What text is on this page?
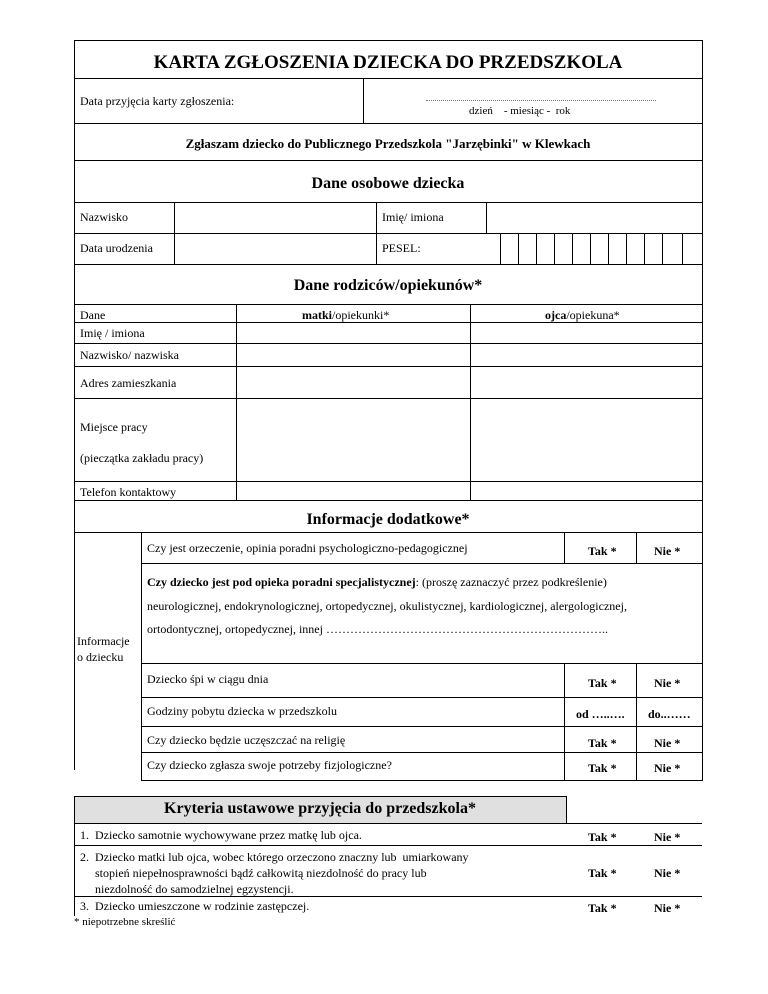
KARTA ZGŁOSZENIA DZIECKA DO PRZEDSZKOLA
Data przyjęcia karty zgłoszenia:
dzień    - miesiąc -  rok
Zgłaszam dziecko do Publicznego Przedszkola "Jarzębinki" w Klewkach
Dane osobowe dziecka
Nazwisko	Imię/ imiona
Data urodzenia	PESEL:
Dane rodziców/opiekunów*
Dane	matki/opiekunki*	ojca/opiekuna*
Imię / imiona
Nazwisko/ nazwiska
Adres zamieszkania
Miejsce pracy
(pieczątka zakładu pracy)
Telefon kontaktowy
Informacje dodatkowe*
Informacje
o dziecku
Czy jest orzeczenie, opinia poradni psychologiczno-pedagogicznej	Tak *	Nie *
Czy dziecko jest pod opieka poradni specjalistycznej: (proszę zaznaczyć przez podkreślenie)
neurologicznej, endokrynologicznej, ortopedycznej, okulistycznej, kardiologicznej, alergologicznej,
ortodontycznej, ortopedycznej, innej ……………………………………………………………..
Dziecko śpi w ciągu dnia	Tak *	Nie *
Godziny pobytu dziecka w przedszkolu	od …..…. do..……
Czy dziecko będzie uczęszczać na religię	Tak *	Nie *
Czy dziecko zgłasza swoje potrzeby fizjologiczne?	Tak *	Nie *
Kryteria ustawowe przyjęcia do przedszkola*
1.  Dziecko samotnie wychowywane przez matkę lub ojca.	Tak *	Nie *
2.  Dziecko matki lub ojca, wobec którego orzeczono znaczny lub  umiarkowany
stopień niepełnosprawności bądź całkowitą niezdolność do pracy lub
niezdolność do samodzielnej egzystencji.
Tak *	Nie *
3.  Dziecko umieszczone w rodzinie zastępczej.	Tak *	Nie *
* niepotrzebne skreślić
